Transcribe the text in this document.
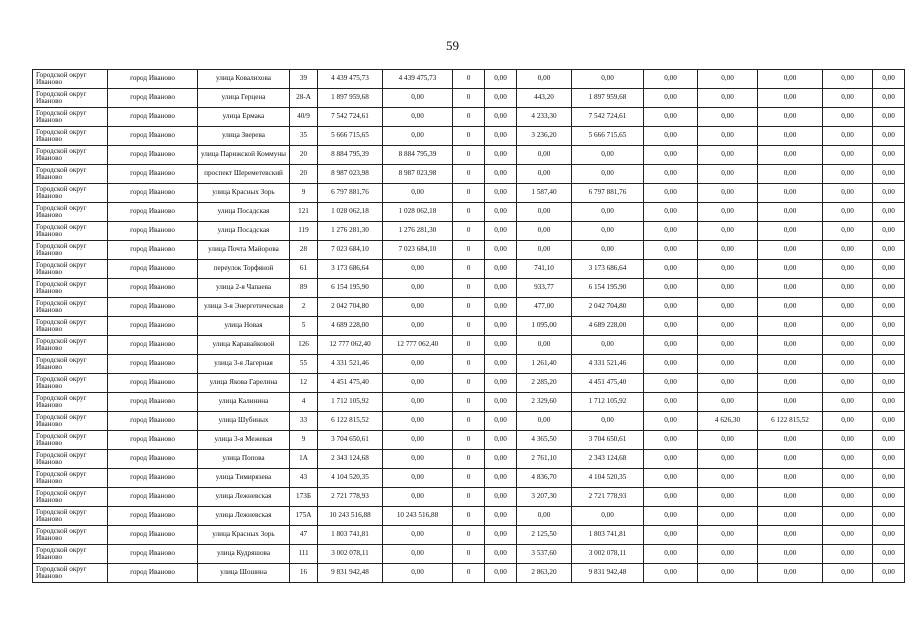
59
Городской округ Иваново	город Иваново	улица Ковалихова	39	4 439 475,73	4 439 475,73	0	0,00	0,00	0,00	0,00	0,00	0,00	0,00	0,00
Городской округ Иваново	город Иваново	улица Герцена	28-А	1 897 959,68	0,00	0	0,00	443,20	1 897 959,68	0,00	0,00	0,00	0,00	0,00
Городской округ Иваново	город Иваново	улица Ермака	40/9	7 542 724,61	0,00	0	0,00	4 233,30	7 542 724,61	0,00	0,00	0,00	0,00	0,00
Городской округ Иваново	город Иваново	улица Зверева	35	5 666 715,65	0,00	0	0,00	3 236,20	5 666 715,65	0,00	0,00	0,00	0,00	0,00
Городской округ Иваново	город Иваново	улица Парижской Коммуны	20	8 884 795,39	8 884 795,39	0	0,00	0,00	0,00	0,00	0,00	0,00	0,00	0,00
Городской округ Иваново	город Иваново	проспект Шереметевский	20	8 987 023,98	8 987 023,98	0	0,00	0,00	0,00	0,00	0,00	0,00	0,00	0,00
Городской округ Иваново	город Иваново	улица Красных Зорь	9	6 797 881,76	0,00	0	0,00	1 587,40	6 797 881,76	0,00	0,00	0,00	0,00	0,00
Городской округ Иваново	город Иваново	улица Посадская	121	1 028 062,18	1 028 062,18	0	0,00	0,00	0,00	0,00	0,00	0,00	0,00	0,00
Городской округ Иваново	город Иваново	улица Посадская	119	1 276 281,30	1 276 281,30	0	0,00	0,00	0,00	0,00	0,00	0,00	0,00	0,00
Городской округ Иваново	город Иваново	улица Почта Майорова	28	7 023 684,10	7 023 684,10	0	0,00	0,00	0,00	0,00	0,00	0,00	0,00	0,00
Городской округ Иваново	город Иваново	переулок Торфяной	61	3 173 686,64	0,00	0	0,00	741,10	3 173 686,64	0,00	0,00	0,00	0,00	0,00
Городской округ Иваново	город Иваново	улица 2-я Чапаева	89	6 154 195,90	0,00	0	0,00	933,77	6 154 195,90	0,00	0,00	0,00	0,00	0,00
Городской округ Иваново	город Иваново	улица 3-я Энергетическая	2	2 042 704,80	0,00	0	0,00	477,00	2 042 704,80	0,00	0,00	0,00	0,00	0,00
Городской округ Иваново	город Иваново	улица Новая	5	4 689 228,00	0,00	0	0,00	1 095,00	4 689 228,00	0,00	0,00	0,00	0,00	0,00
Городской округ Иваново	город Иваново	улица Каравайковой	126	12 777 062,40	12 777 062,40	0	0,00	0,00	0,00	0,00	0,00	0,00	0,00	0,00
Городской округ Иваново	город Иваново	улица 3-я Лагерная	55	4 331 521,46	0,00	0	0,00	1 261,40	4 331 521,46	0,00	0,00	0,00	0,00	0,00
Городской округ Иваново	город Иваново	улица Якова Гарелина	12	4 451 475,40	0,00	0	0,00	2 285,20	4 451 475,40	0,00	0,00	0,00	0,00	0,00
Городской округ Иваново	город Иваново	улица Калинина	4	1 712 105,92	0,00	0	0,00	2 329,60	1 712 105,92	0,00	0,00	0,00	0,00	0,00
Городской округ Иваново	город Иваново	улица Шубиных	33	6 122 815,52	0,00	0	0,00	0,00	0,00	0,00	4 626,30	6 122 815,52	0,00	0,00
Городской округ Иваново	город Иваново	улица 3-я Межевая	9	3 704 650,61	0,00	0	0,00	4 365,50	3 704 650,61	0,00	0,00	0,00	0,00	0,00
Городской округ Иваново	город Иваново	улица Попова	1А	2 343 124,68	0,00	0	0,00	2 761,10	2 343 124,68	0,00	0,00	0,00	0,00	0,00
Городской округ Иваново	город Иваново	улица Тимирязева	43	4 104 520,35	0,00	0	0,00	4 836,70	4 104 520,35	0,00	0,00	0,00	0,00	0,00
Городской округ Иваново	город Иваново	улица Лежневская	173Б	2 721 778,93	0,00	0	0,00	3 207,30	2 721 778,93	0,00	0,00	0,00	0,00	0,00
Городской округ Иваново	город Иваново	улица Лежневская	175А	10 243 516,88	10 243 516,88	0	0,00	0,00	0,00	0,00	0,00	0,00	0,00	0,00
Городской округ Иваново	город Иваново	улица Красных Зорь	47	1 803 741,81	0,00	0	0,00	2 125,50	1 803 741,81	0,00	0,00	0,00	0,00	0,00
Городской округ Иваново	город Иваново	улица Кудряшова	111	3 002 078,11	0,00	0	0,00	3 537,60	3 002 078,11	0,00	0,00	0,00	0,00	0,00
Городской округ Иваново	город Иваново	улица Шошина	16	9 831 942,48	0,00	0	0,00	2 863,20	9 831 942,48	0,00	0,00	0,00	0,00	0,00
